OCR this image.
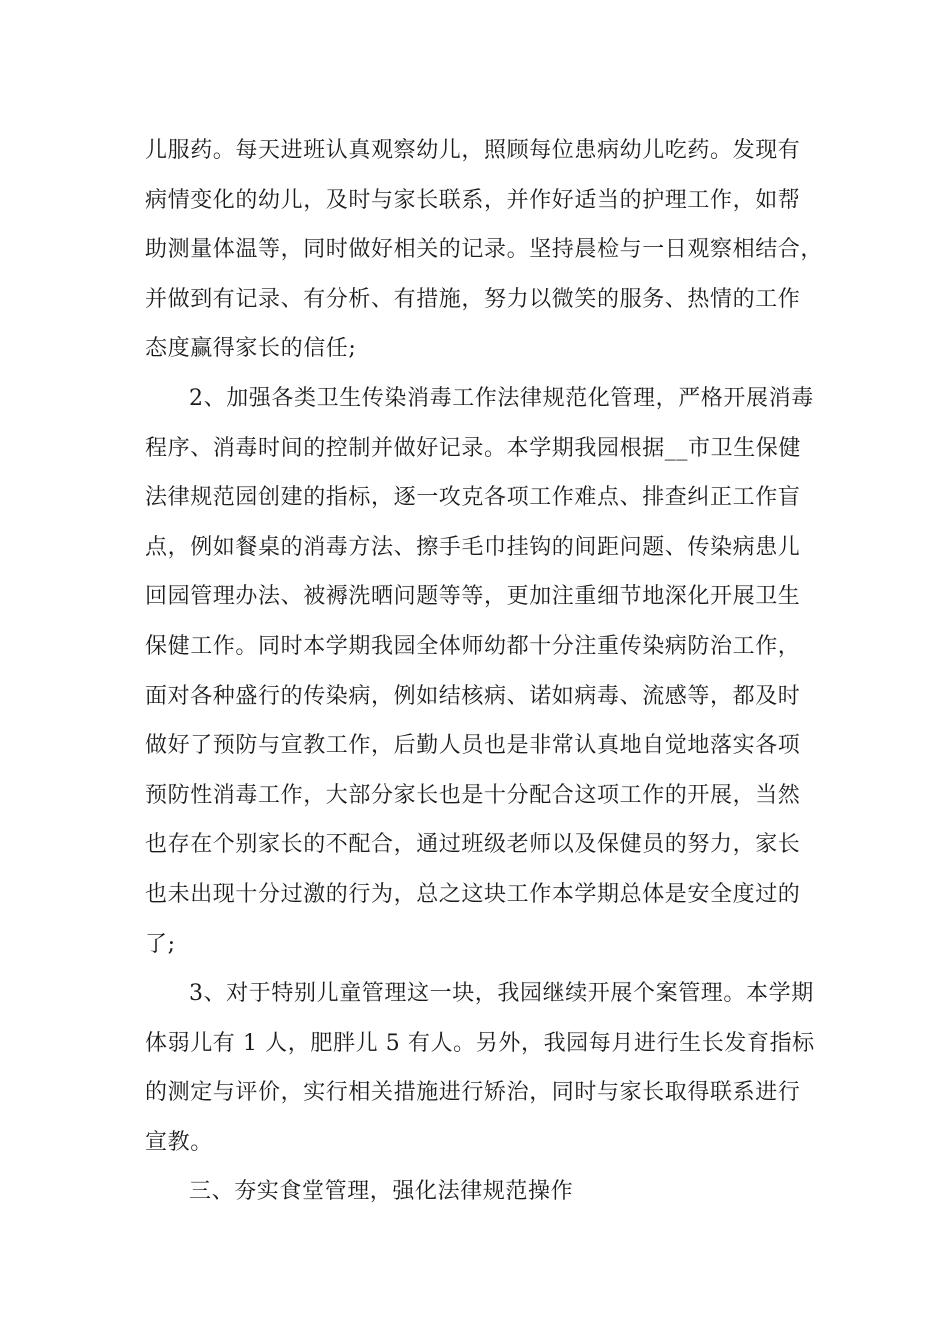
儿服药。每天进班认真观察幼儿，照顾每位患病幼儿吃药。发现有
病情变化的幼儿，及时与家长联系，并作好适当的护理工作，如帮
助测量体温等，同时做好相关的记录。坚持晨检与一日观察相结合，
并做到有记录、有分析、有措施，努力以微笑的服务、热情的工作
态度赢得家长的信任;
2、加强各类卫生传染消毒工作法律规范化管理，严格开展消毒
程序、消毒时间的控制并做好记录。本学期我园根据__市卫生保健
法律规范园创建的指标，逐一攻克各项工作难点、排查纠正工作盲
点，例如餐桌的消毒方法、擦手毛巾挂钩的间距问题、传染病患儿
回园管理办法、被褥洗晒问题等等，更加注重细节地深化开展卫生
保健工作。同时本学期我园全体师幼都十分注重传染病防治工作，
面对各种盛行的传染病，例如结核病、诺如病毒、流感等，都及时
做好了预防与宣教工作，后勤人员也是非常认真地自觉地落实各项
预防性消毒工作，大部分家长也是十分配合这项工作的开展，当然
也存在个别家长的不配合，通过班级老师以及保健员的努力，家长
也未出现十分过激的行为，总之这块工作本学期总体是安全度过的
了;
3、对于特别儿童管理这一块，我园继续开展个案管理。本学期
体弱儿有 1 人，肥胖儿 5 有人。另外，我园每月进行生长发育指标
的测定与评价，实行相关措施进行矫治，同时与家长取得联系进行
宣教。
三、夯实食堂管理，强化法律规范操作
